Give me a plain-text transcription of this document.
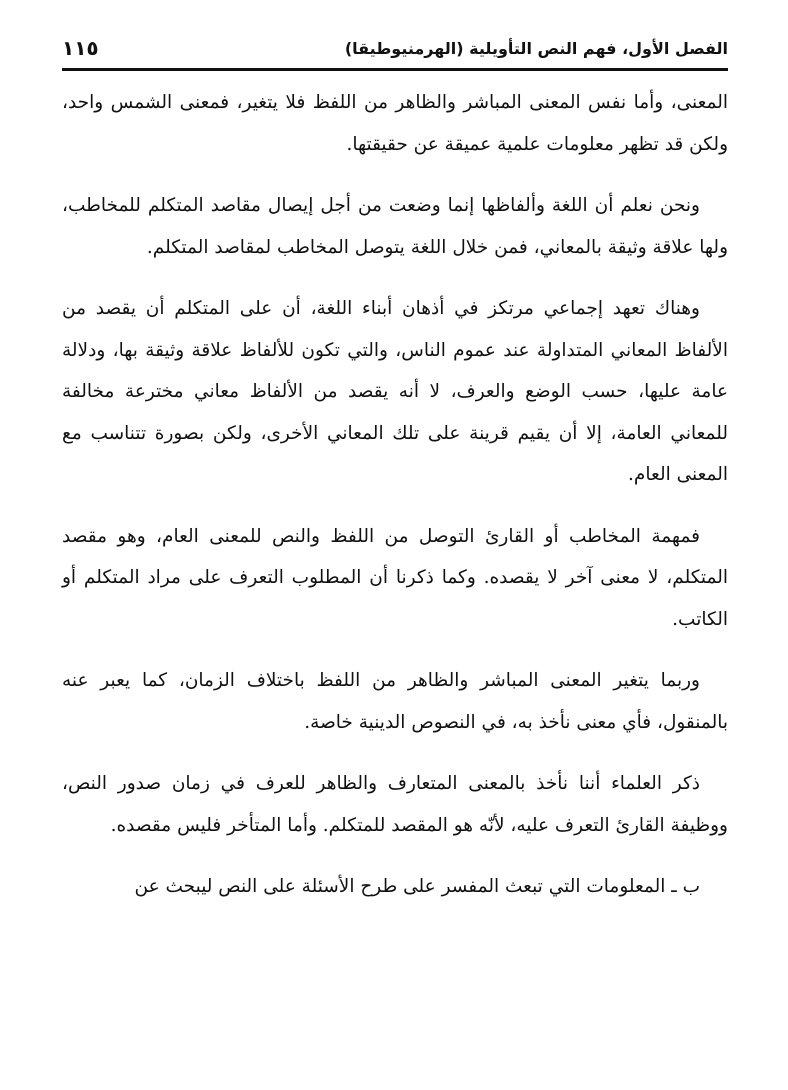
الفصل الأول، فهم النص التأويلية (الهرمنيوطيقا)
١١٥

المعنى، وأما نفس المعنى المباشر والظاهر من اللفظ فلا يتغير، فمعنى الشمس واحد، ولكن قد تظهر معلومات علمية عميقة عن حقيقتها.

ونحن نعلم أن اللغة وألفاظها إنما وضعت من أجل إيصال مقاصد المتكلم للمخاطب، ولها علاقة وثيقة بالمعاني، فمن خلال اللغة يتوصل المخاطب لمقاصد المتكلم.

وهناك تعهد إجماعي مرتكز في أذهان أبناء اللغة، أن على المتكلم أن يقصد من الألفاظ المعاني المتداولة عند عموم الناس، والتي تكون للألفاظ علاقة وثيقة بها، ودلالة عامة عليها، حسب الوضع والعرف، لا أنه يقصد من الألفاظ معاني مخترعة مخالفة للمعاني العامة، إلا أن يقيم قرينة على تلك المعاني الأخرى، ولكن بصورة تتناسب مع المعنى العام.

فمهمة المخاطب أو القارئ التوصل من اللفظ والنص للمعنى العام، وهو مقصد المتكلم، لا معنى آخر لا يقصده. وكما ذكرنا أن المطلوب التعرف على مراد المتكلم أو الكاتب.

وربما يتغير المعنى المباشر والظاهر من اللفظ باختلاف الزمان، كما يعبر عنه بالمنقول، فأي معنى نأخذ به، في النصوص الدينية خاصة.

ذكر العلماء أننا نأخذ بالمعنى المتعارف والظاهر للعرف في زمان صدور النص، ووظيفة القارئ التعرف عليه، لأنّه هو المقصد للمتكلم. وأما المتأخر فليس مقصده.

ب ـ المعلومات التي تبعث المفسر على طرح الأسئلة على النص ليبحث عن
